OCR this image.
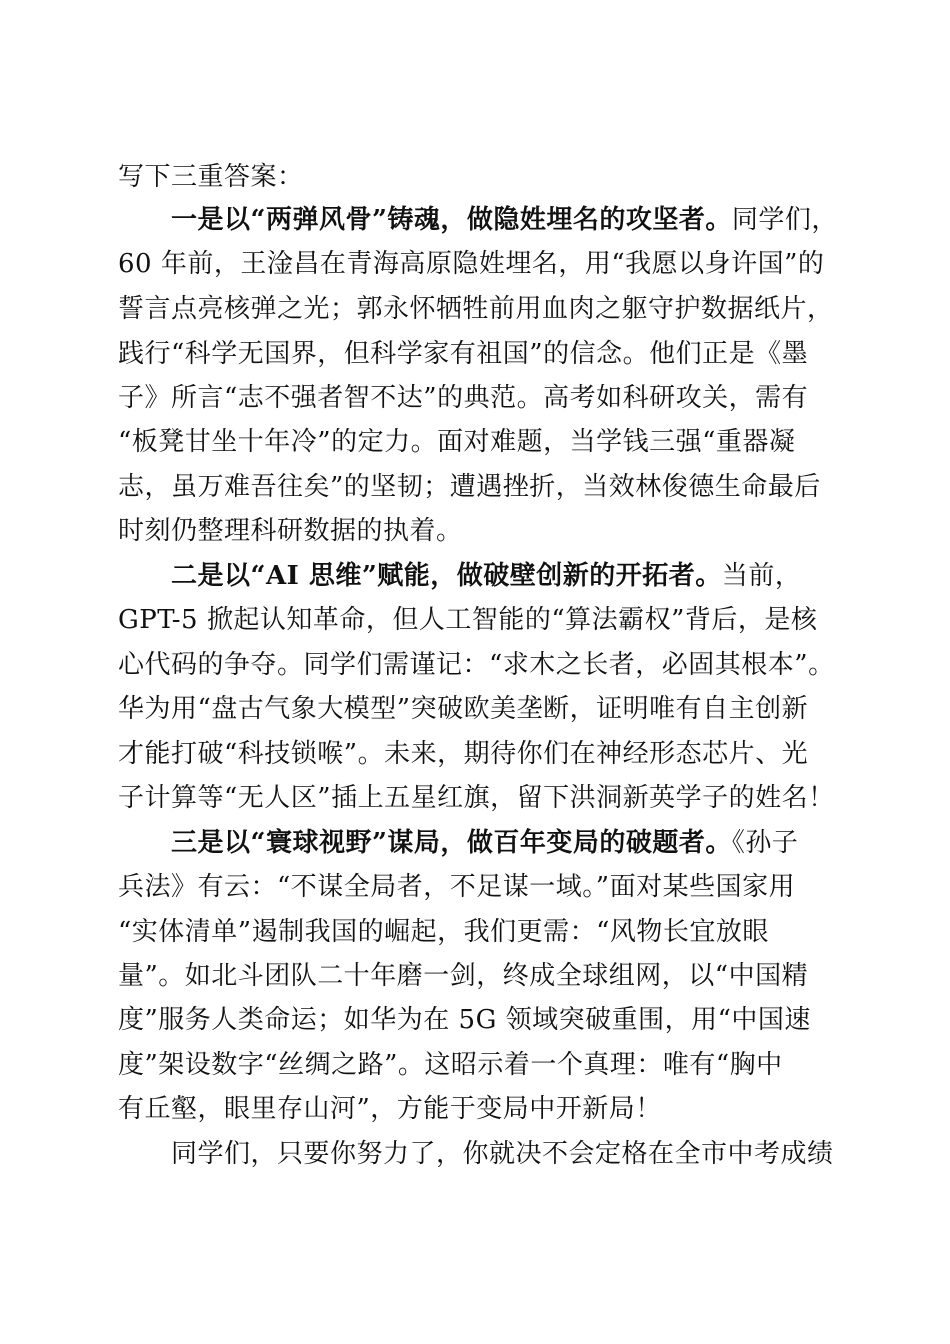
写下三重答案：
一是以“两弹风骨”铸魂，做隐姓埋名的攻坚者。同学们，
60 年前，王淦昌在青海高原隐姓埋名，用“我愿以身许国”的
誓言点亮核弹之光；郭永怀牺牲前用血肉之躯守护数据纸片，
践行“科学无国界，但科学家有祖国”的信念。他们正是《墨
子》所言“志不强者智不达”的典范。高考如科研攻关，需有
“板凳甘坐十年冷”的定力。面对难题，当学钱三强“重器凝
志，虽万难吾往矣”的坚韧；遭遇挫折，当效林俊德生命最后
时刻仍整理科研数据的执着。
二是以“AI 思维”赋能，做破壁创新的开拓者。当前，
GPT-5 掀起认知革命，但人工智能的“算法霸权”背后，是核
心代码的争夺。同学们需谨记：“求木之长者，必固其根本”。
华为用“盘古气象大模型”突破欧美垄断，证明唯有自主创新
才能打破“科技锁喉”。未来，期待你们在神经形态芯片、光
子计算等“无人区”插上五星红旗，留下洪洞新英学子的姓名！
三是以“寰球视野”谋局，做百年变局的破题者。《孙子
兵法》有云：“不谋全局者，不足谋一域。”面对某些国家用
“实体清单”遏制我国的崛起，我们更需：“风物长宜放眼
量”。如北斗团队二十年磨一剑，终成全球组网，以“中国精
度”服务人类命运；如华为在 5G 领域突破重围，用“中国速
度”架设数字“丝绸之路”。这昭示着一个真理：唯有“胸中
有丘壑，眼里存山河”，方能于变局中开新局！
同学们，只要你努力了，你就决不会定格在全市中考成绩
